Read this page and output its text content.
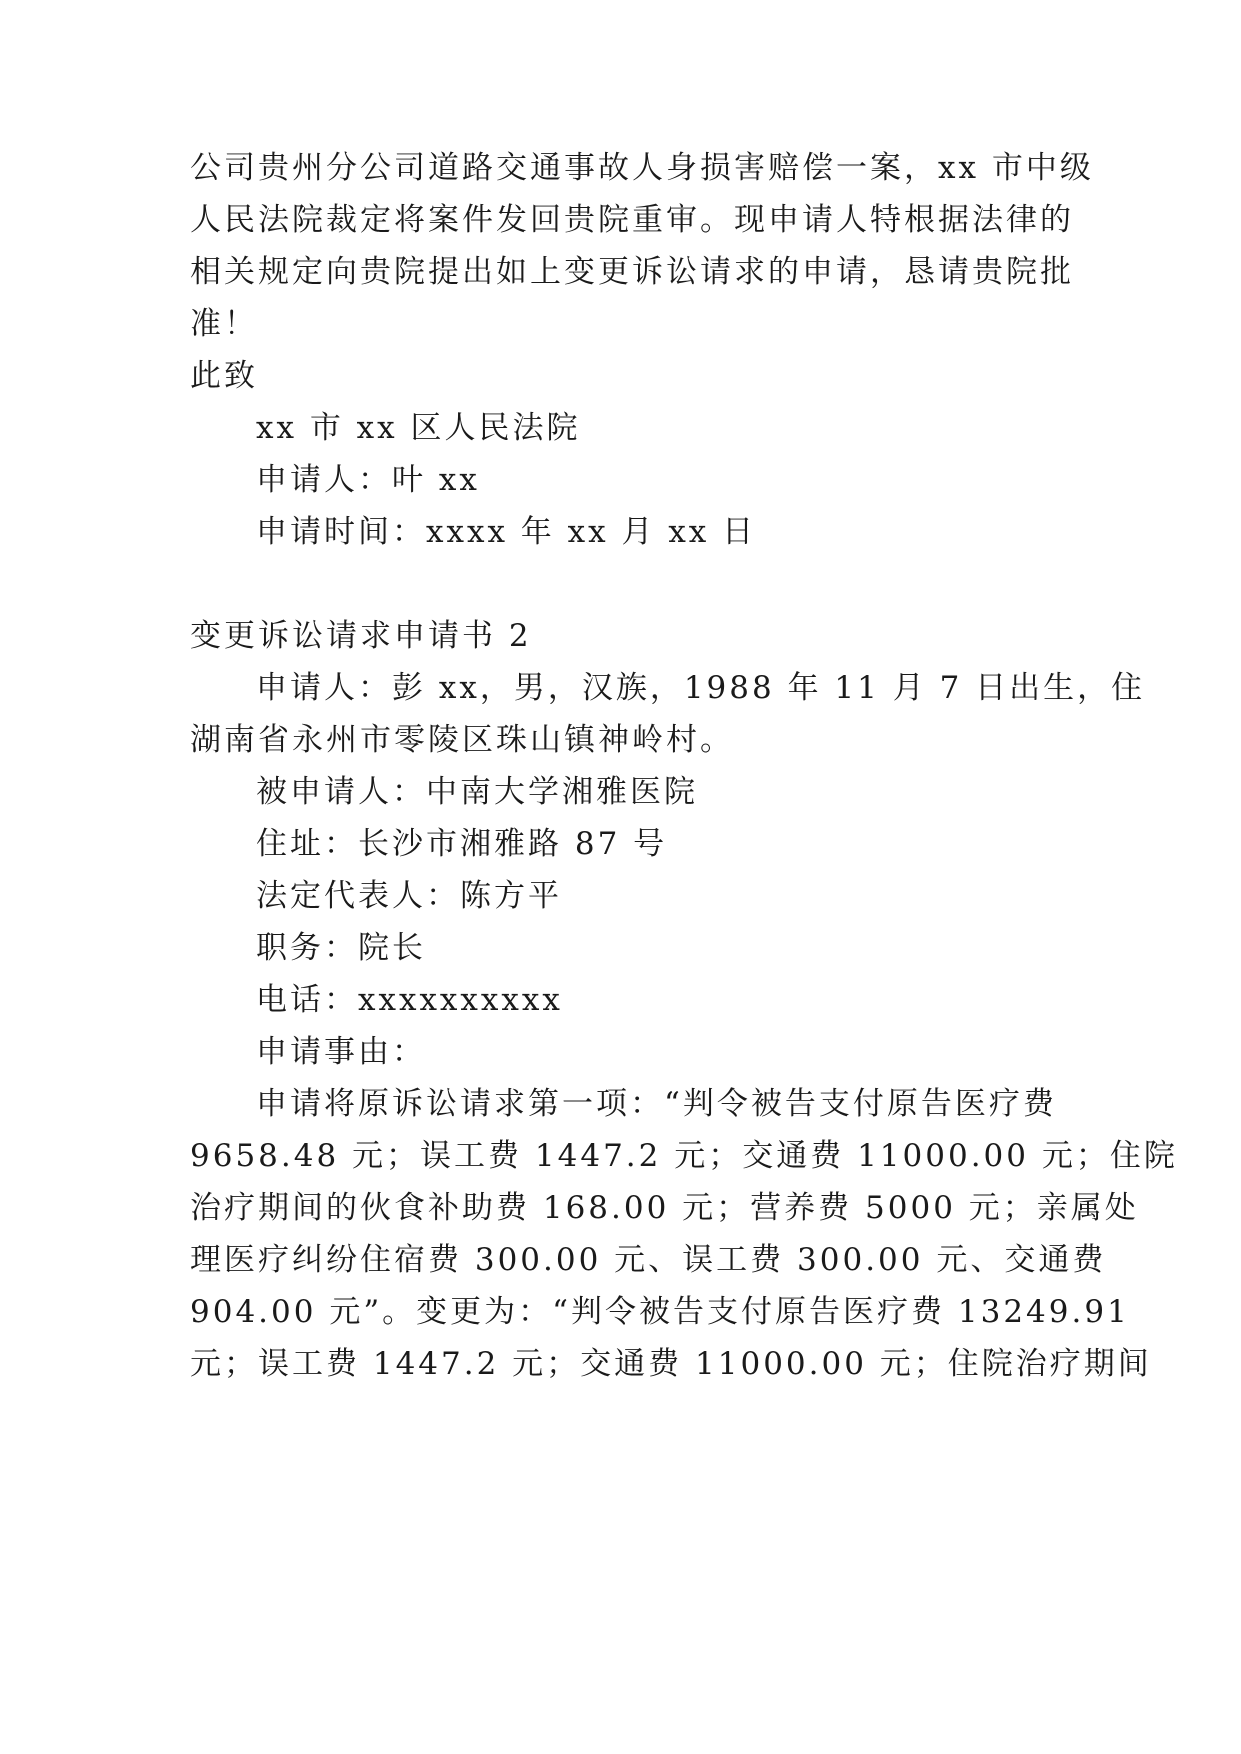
公司贵州分公司道路交通事故人身损害赔偿一案，xx 市中级
人民法院裁定将案件发回贵院重审。现申请人特根据法律的
相关规定向贵院提出如上变更诉讼请求的申请，恳请贵院批
准！
此致
xx 市 xx 区人民法院
申请人：叶 xx
申请时间：xxxx 年 xx 月 xx 日
变更诉讼请求申请书 2
申请人：彭 xx，男，汉族，1988 年 11 月 7 日出生，住
湖南省永州市零陵区珠山镇神岭村。
被申请人：中南大学湘雅医院
住址：长沙市湘雅路 87 号
法定代表人：陈方平
职务：院长
电话：xxxxxxxxxx
申请事由：
申请将原诉讼请求第一项：“判令被告支付原告医疗费
9658.48 元；误工费 1447.2 元；交通费 11000.00 元；住院
治疗期间的伙食补助费 168.00 元；营养费 5000 元；亲属处
理医疗纠纷住宿费 300.00 元、误工费 300.00 元、交通费
904.00 元”。变更为：“判令被告支付原告医疗费 13249.91
元；误工费 1447.2 元；交通费 11000.00 元；住院治疗期间
